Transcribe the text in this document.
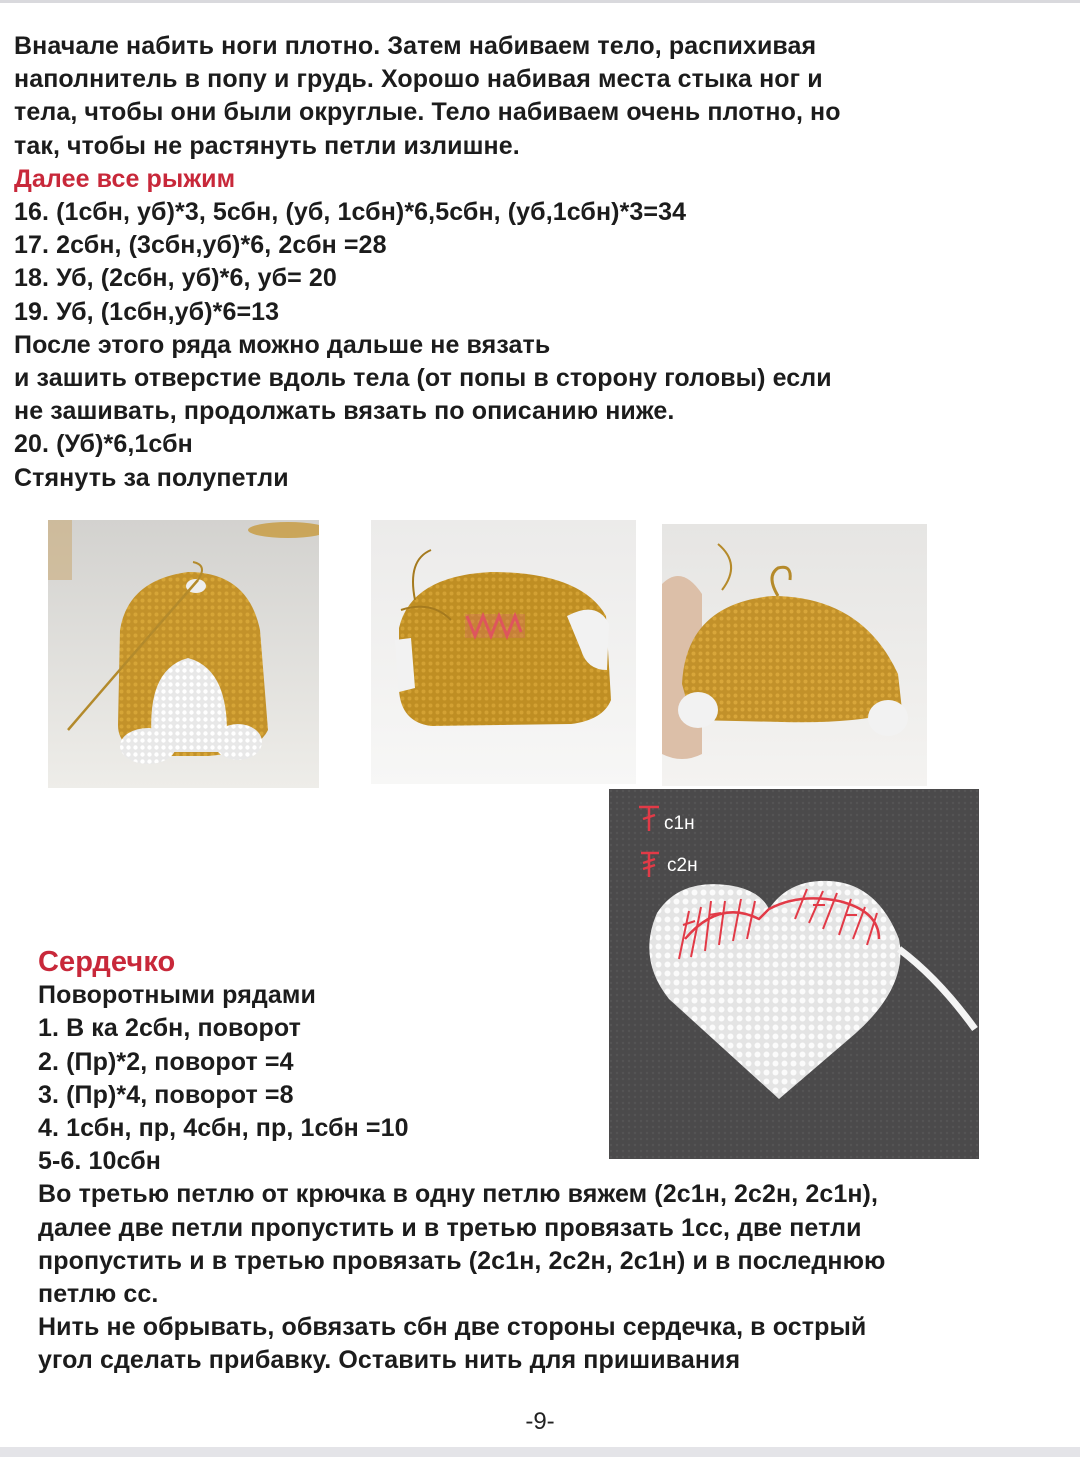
Вначале набить ноги плотно. Затем набиваем тело, распихивая
наполнитель в попу и грудь. Хорошо набивая места стыка ног и
тела, чтобы они были округлые. Тело набиваем очень плотно, но
так, чтобы не растянуть петли излишне.
Далее все рыжим
16. (1сбн, уб)*3, 5сбн, (уб, 1сбн)*6,5сбн, (уб,1сбн)*3=34
17. 2сбн, (3сбн,уб)*6, 2сбн =28
18. Уб, (2сбн, уб)*6, уб= 20
19. Уб, (1сбн,уб)*6=13
После этого ряда можно дальше не вязать
и зашить отверстие вдоль тела (от попы в сторону головы) если
не зашивать, продолжать вязать по описанию ниже.
20. (Уб)*6,1сбн
Стянуть за полупетли
с1н
с2н
Сердечко
Поворотными рядами
1. В ка 2сбн, поворот
2. (Пр)*2, поворот =4
3. (Пр)*4, поворот =8
4. 1сбн, пр, 4сбн, пр, 1сбн =10
5-6. 10сбн
Во третью петлю от крючка в одну петлю вяжем (2с1н, 2с2н, 2с1н),
далее две петли пропустить и в третью провязать 1сс, две петли
пропустить и в третью провязать (2с1н, 2с2н, 2с1н) и в последнюю
петлю сс.
Нить не обрывать, обвязать сбн две стороны сердечка, в острый
угол сделать прибавку. Оставить нить для пришивания
-9-
